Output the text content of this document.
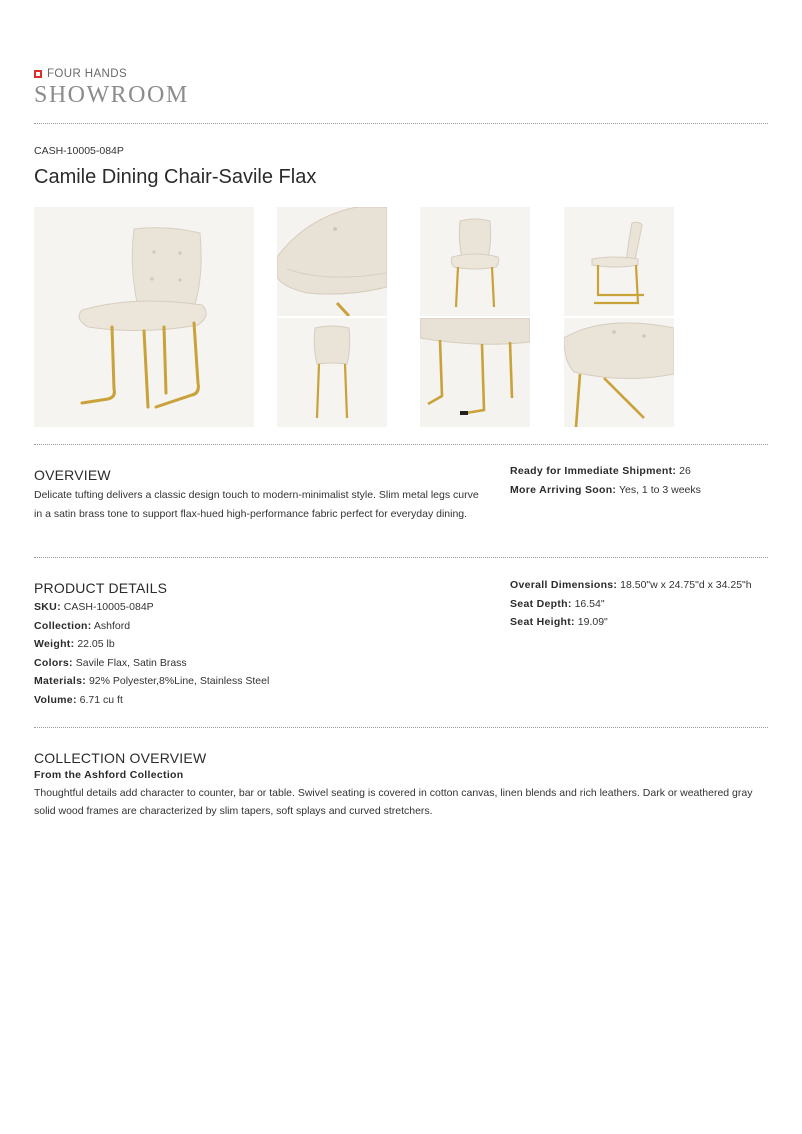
FOUR HANDS
SHOWROOM
CASH-10005-084P
Camile Dining Chair-Savile Flax
OVERVIEW

Delicate tufting delivers a classic design touch to modern-minimalist style. Slim metal legs curve in a satin brass tone to support flax-hued high-performance fabric perfect for everyday dining.

Ready for Immediate Shipment: 26
More Arriving Soon: Yes, 1 to 3 weeks
PRODUCT DETAILS
SKU: CASH-10005-084P
Collection: Ashford
Weight: 22.05 lb
Colors: Savile Flax, Satin Brass
Materials: 92% Polyester,8%Line, Stainless Steel
Volume: 6.71 cu ft
Overall Dimensions: 18.50"w x 24.75"d x 34.25"h
Seat Depth: 16.54"
Seat Height: 19.09"
COLLECTION OVERVIEW
From the Ashford Collection

Thoughtful details add character to counter, bar or table. Swivel seating is covered in cotton canvas, linen blends and rich leathers. Dark or weathered gray solid wood frames are characterized by slim tapers, soft splays and curved stretchers.
